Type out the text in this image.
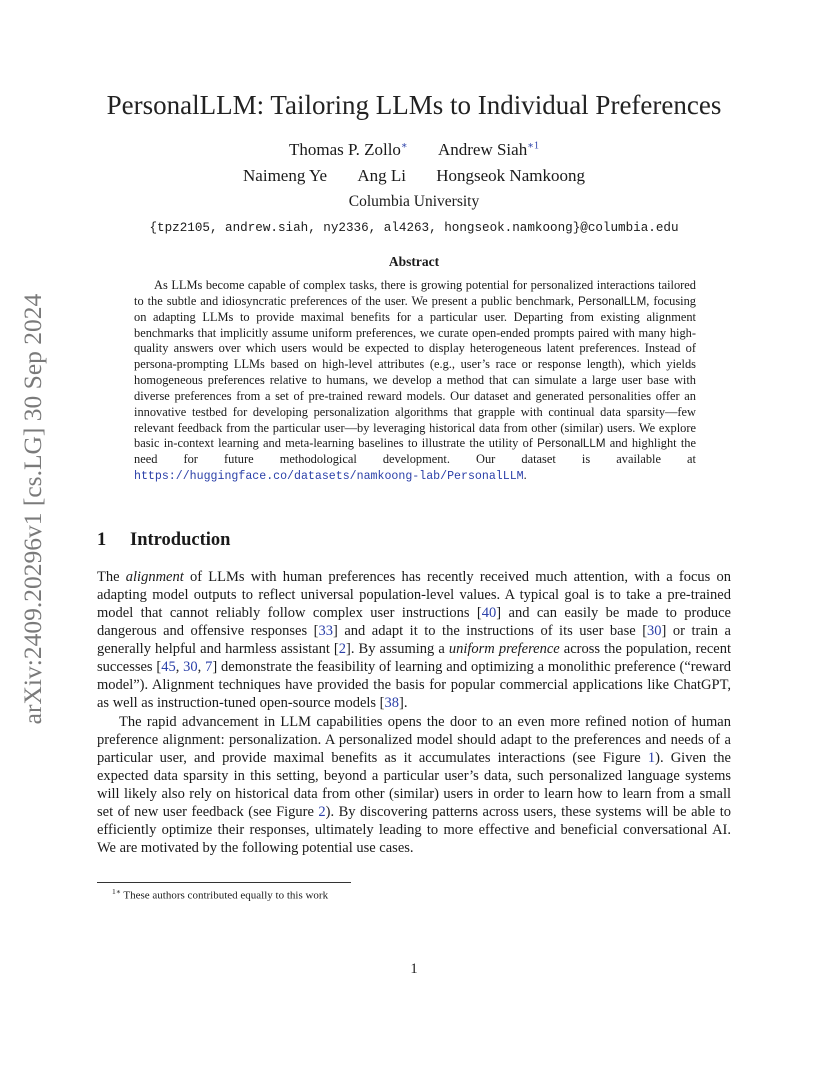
arXiv:2409.20296v1 [cs.LG] 30 Sep 2024
PersonalLLM: Tailoring LLMs to Individual Preferences
Thomas P. Zollo∗ Andrew Siah$^{∗1}$
Naimeng Ye Ang Li Hongseok Namkoong
Columbia University
{tpz2105, andrew.siah, ny2336, al4263, hongseok.namkoong}@columbia.edu
Abstract

As LLMs become capable of complex tasks, there is growing potential for personalized interactions tailored to the subtle and idiosyncratic preferences of the user. We present a public benchmark, PersonalLLM, focusing on adapting LLMs to provide maximal benefits for a particular user. Departing from existing alignment benchmarks that implicitly assume uniform preferences, we curate open-ended prompts paired with many high-quality answers over which users would be expected to display heterogeneous latent preferences. Instead of persona-prompting LLMs based on high-level attributes (e.g., user’s race or response length), which yields homogeneous preferences relative to humans, we develop a method that can simulate a large user base with diverse preferences from a set of pre-trained reward models. Our dataset and generated personalities offer an innovative testbed for developing personalization algorithms that grapple with continual data sparsity—few relevant feedback from the particular user—by leveraging historical data from other (similar) users. We explore basic in-context learning and meta-learning baselines to illustrate the utility of PersonalLLM and highlight the need for future methodological development. Our dataset is available at https://huggingface.co/datasets/namkoong-lab/PersonalLLM.

1 Introduction

The alignment of LLMs with human preferences has recently received much attention, with a focus on adapting model outputs to reflect universal population-level values. A typical goal is to take a pre-trained model that cannot reliably follow complex user instructions [40] and can easily be made to produce dangerous and offensive responses [33] and adapt it to the instructions of its user base [30] or train a generally helpful and harmless assistant [2]. By assuming a uniform preference across the population, recent successes [45, 30, 7] demonstrate the feasibility of learning and optimizing a monolithic preference (“reward model”). Alignment techniques have provided the basis for popular commercial applications like ChatGPT, as well as instruction-tuned open-source models [38].

The rapid advancement in LLM capabilities opens the door to an even more refined notion of human preference alignment: personalization. A personalized model should adapt to the preferences and needs of a particular user, and provide maximal benefits as it accumulates interactions (see Figure 1). Given the expected data sparsity in this setting, beyond a particular user’s data, such personalized language systems will likely also rely on historical data from other (similar) users in order to learn how to learn from a small set of new user feedback (see Figure 2). By discovering patterns across users, these systems will be able to efficiently optimize their responses, ultimately leading to more effective and beneficial conversational AI. We are motivated by the following potential use cases.

$^{1∗}$ These authors contributed equally to this work
1
